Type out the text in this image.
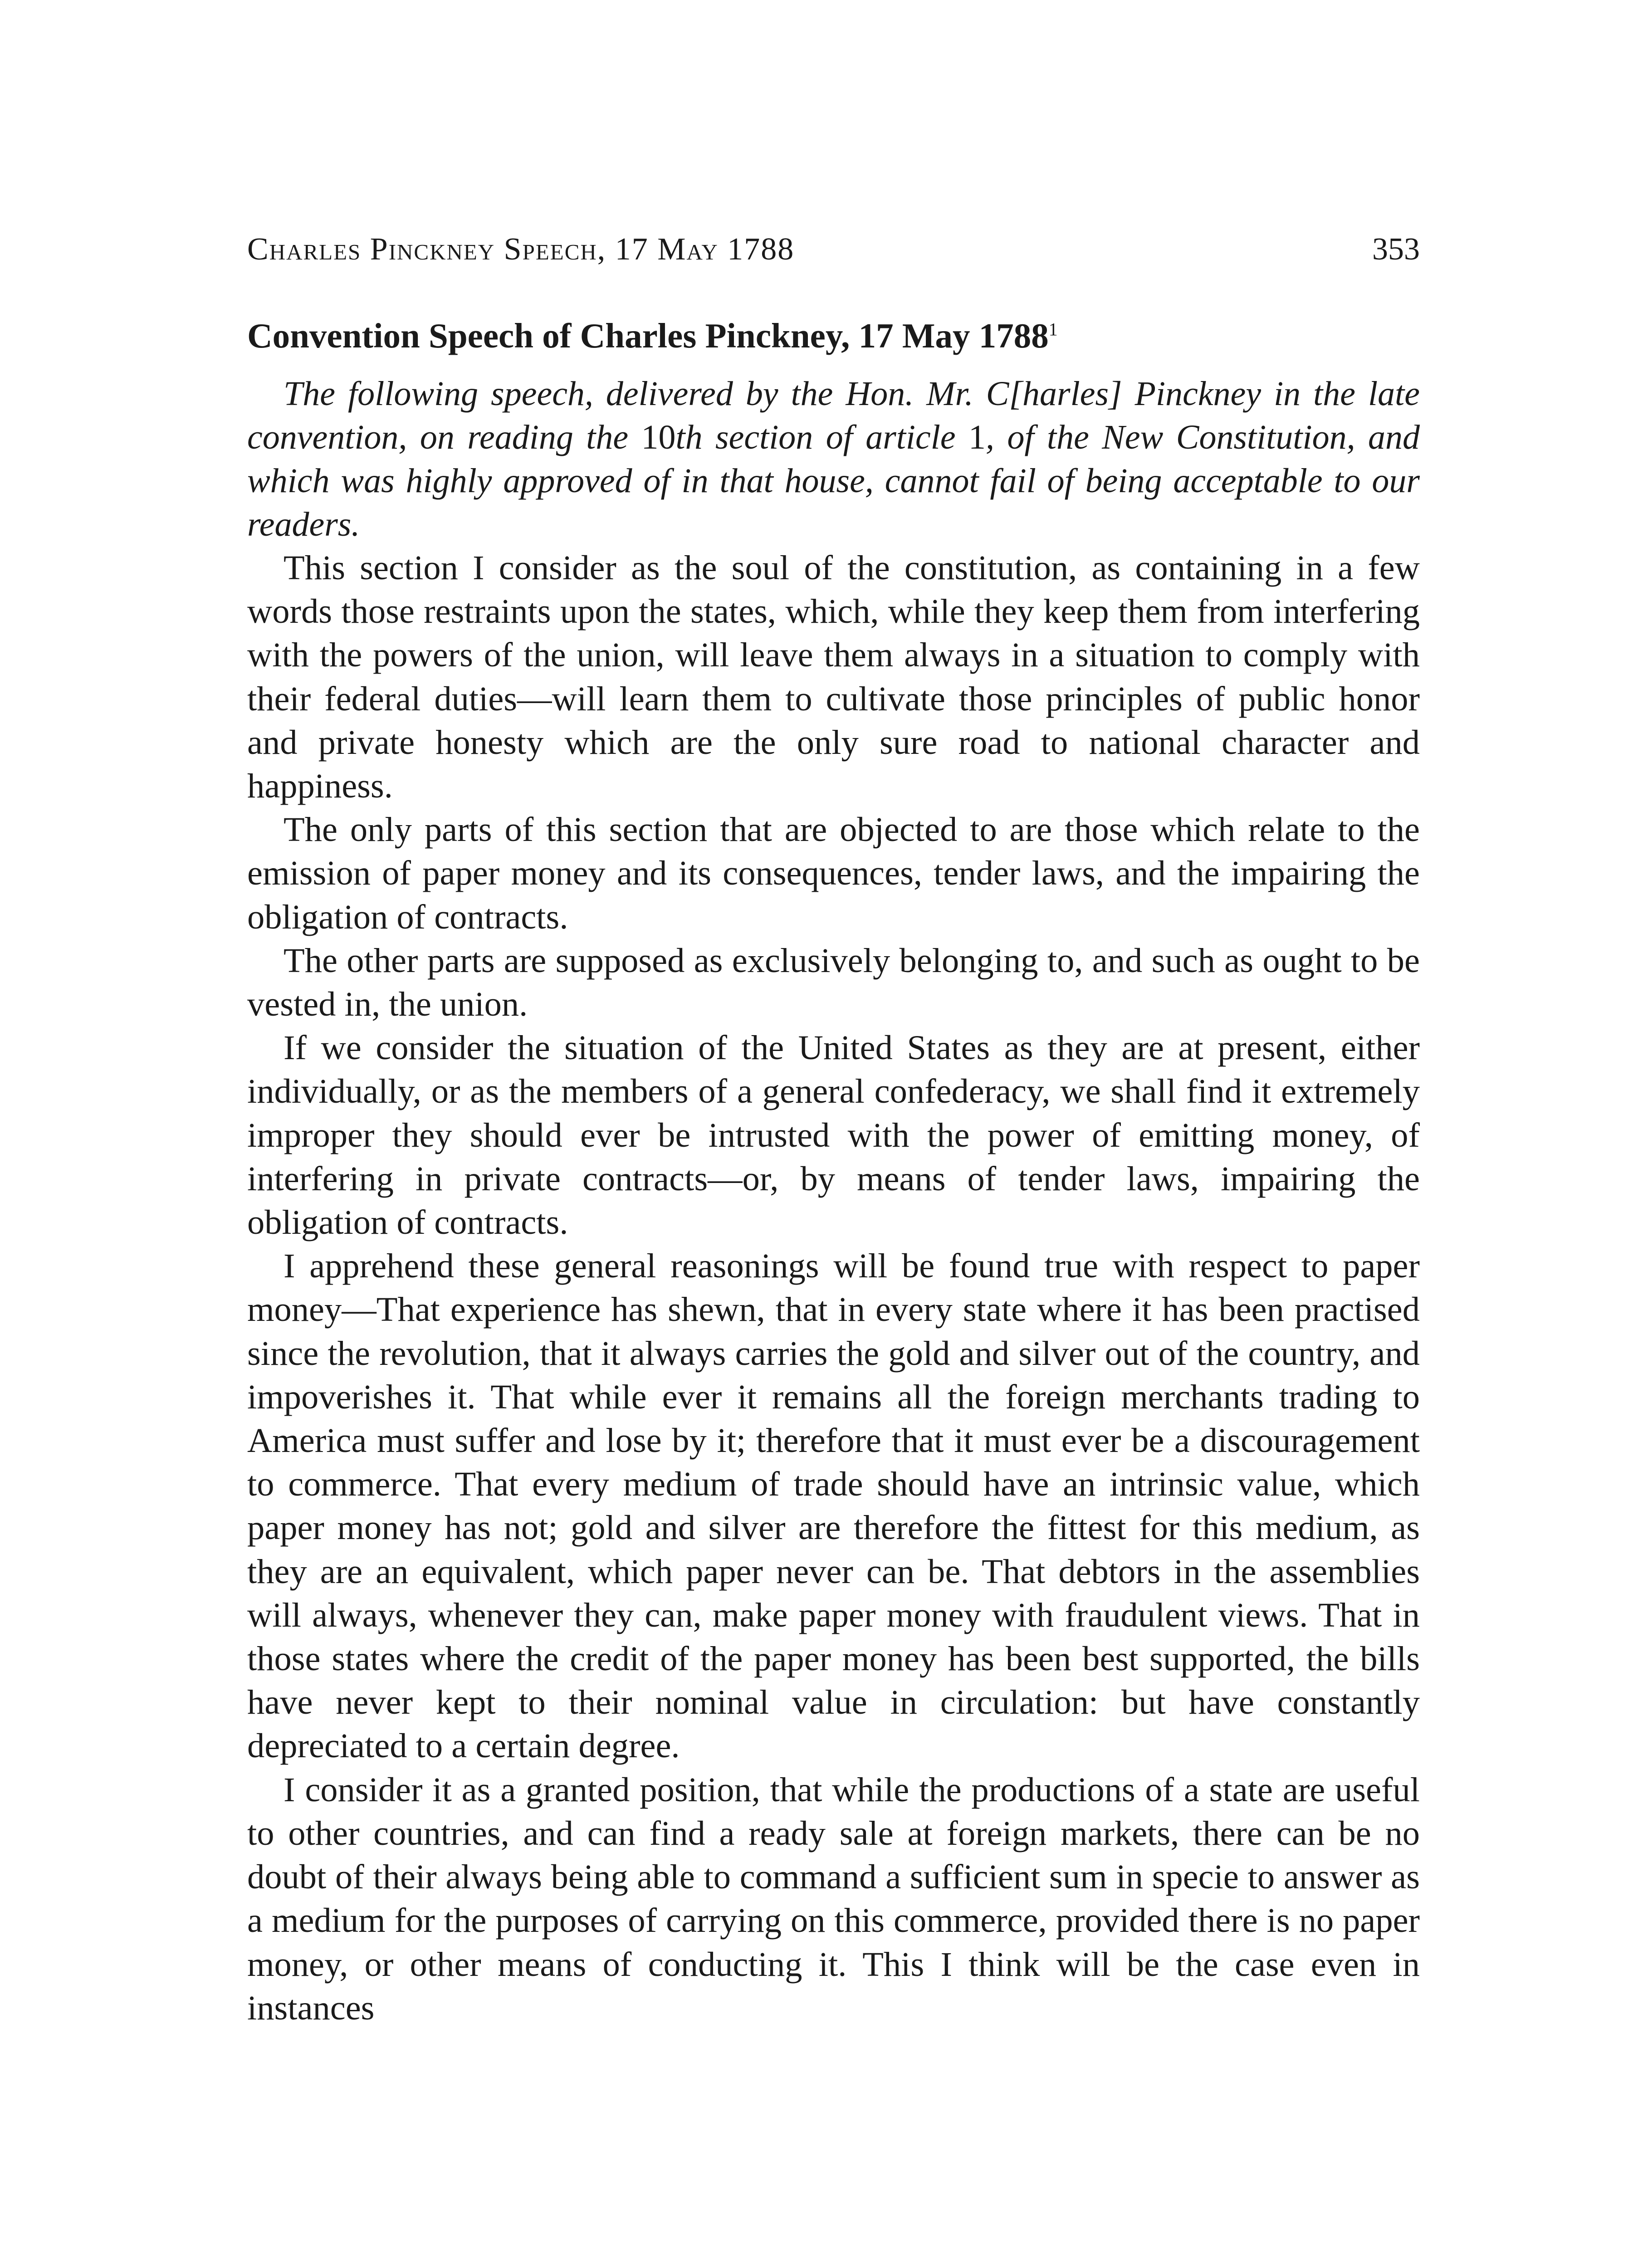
Charles Pinckney Speech, 17 May 1788	353
Convention Speech of Charles Pinckney, 17 May 1788$^1$

The following speech, delivered by the Hon. Mr. C[harles] Pinckney in the late convention, on reading the 10th section of article 1, of the New Constitution, and which was highly approved of in that house, cannot fail of being acceptable to our readers.

This section I consider as the soul of the constitution, as containing in a few words those restraints upon the states, which, while they keep them from interfering with the powers of the union, will leave them always in a situation to comply with their federal duties—will learn them to cultivate those principles of public honor and private honesty which are the only sure road to national character and happiness.

The only parts of this section that are objected to are those which relate to the emission of paper money and its consequences, tender laws, and the impairing the obligation of contracts.

The other parts are supposed as exclusively belonging to, and such as ought to be vested in, the union.

If we consider the situation of the United States as they are at present, either individually, or as the members of a general confederacy, we shall find it extremely improper they should ever be intrusted with the power of emitting money, of interfering in private contracts—or, by means of tender laws, impairing the obligation of contracts.

I apprehend these general reasonings will be found true with respect to paper money—That experience has shewn, that in every state where it has been practised since the revolution, that it always carries the gold and silver out of the country, and impoverishes it. That while ever it remains all the foreign merchants trading to America must suffer and lose by it; therefore that it must ever be a discouragement to commerce. That every medium of trade should have an intrinsic value, which paper money has not; gold and silver are therefore the fittest for this medium, as they are an equivalent, which paper never can be. That debtors in the assemblies will always, whenever they can, make paper money with fraudulent views. That in those states where the credit of the paper money has been best supported, the bills have never kept to their nominal value in circulation: but have constantly depreciated to a certain degree.

I consider it as a granted position, that while the productions of a state are useful to other countries, and can find a ready sale at foreign markets, there can be no doubt of their always being able to command a sufficient sum in specie to answer as a medium for the purposes of carrying on this commerce, provided there is no paper money, or other means of conducting it. This I think will be the case even in instances
